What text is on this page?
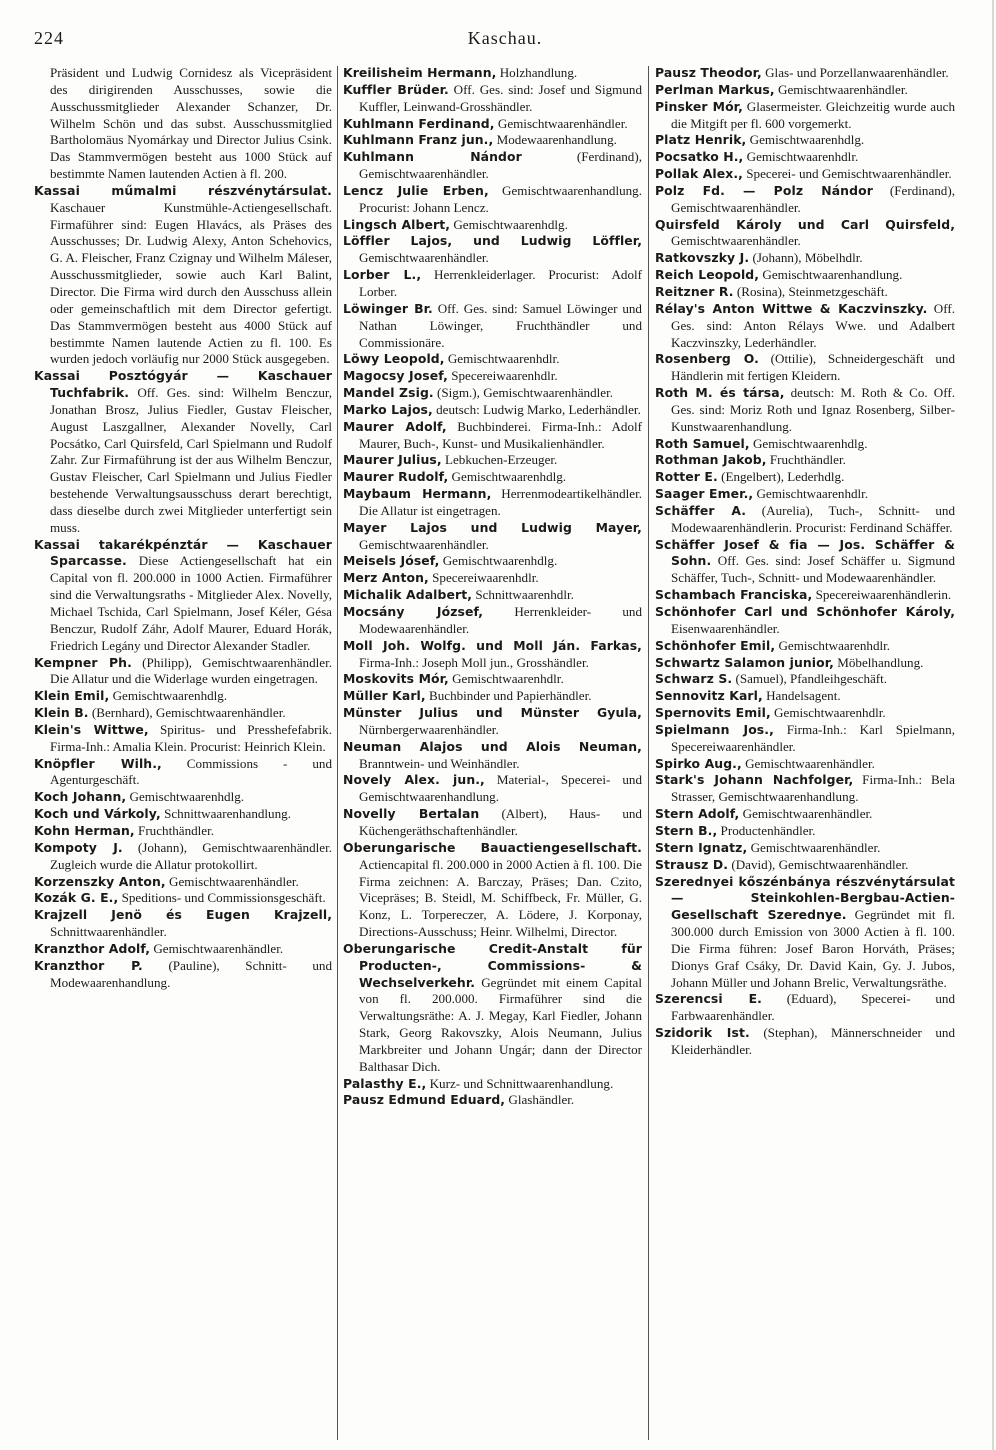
224	Kaschau.
Präsident und Ludwig Cornidesz als Vicepräsident des dirigirenden Ausschusses, sowie die Ausschussmitglieder Alexander Schanzer, Dr. Wilhelm Schön und das subst. Ausschussmitglied Bartholomäus Nyomárkay und Director Julius Csink. Das Stammvermögen besteht aus 1000 Stück auf bestimmte Namen lautenden Actien à fl. 200.
Kassai műmalmi részvénytársulat. Kaschauer Kunstmühle-Actiengesellschaft. Firmaführer sind: Eugen Hlavács, als Präses des Ausschusses; Dr. Ludwig Alexy, Anton Schehovics, G. A. Fleischer, Franz Czignay und Wilhelm Máleser, Ausschussmitglieder, sowie auch Karl Balint, Director. Die Firma wird durch den Ausschuss allein oder gemeinschaftlich mit dem Director gefertigt. Das Stammvermögen besteht aus 4000 Stück auf bestimmte Namen lautende Actien zu fl. 100. Es wurden jedoch vorläufig nur 2000 Stück ausgegeben.
Kassai Posztógyár — Kaschauer Tuchfabrik. Off. Ges. sind: Wilhelm Benczur, Jonathan Brosz, Julius Fiedler, Gustav Fleischer, August Laszgallner, Alexander Novelly, Carl Pocsátko, Carl Quirsfeld, Carl Spielmann und Rudolf Zahr. Zur Firmaführung ist der aus Wilhelm Benczur, Gustav Fleischer, Carl Spielmann und Julius Fiedler bestehende Verwaltungsausschuss derart berechtigt, dass dieselbe durch zwei Mitglieder unterfertigt sein muss.
Kassai takarékpénztár — Kaschauer Sparcasse. Diese Actiengesellschaft hat ein Capital von fl. 200.000 in 1000 Actien. Firmaführer sind die Verwaltungsraths - Mitglieder Alex. Novelly, Michael Tschida, Carl Spielmann, Josef Kéler, Gésa Benczur, Rudolf Záhr, Adolf Maurer, Eduard Horák, Friedrich Legány und Director Alexander Stadler.
Kempner Ph. (Philipp), Gemischtwaarenhändler. Die Allatur und die Widerlage wurden eingetragen.
Klein Emil, Gemischtwaarenhdlg.
Klein B. (Bernhard), Gemischtwaarenhändler.
Klein's Wittwe, Spiritus- und Presshefefabrik. Firma-Inh.: Amalia Klein. Procurist: Heinrich Klein.
Knöpfler Wilh., Commissions - und Agenturgeschäft.
Koch Johann, Gemischtwaarenhdlg.
Koch und Várkoly, Schnittwaarenhandlung.
Kohn Herman, Fruchthändler.
Kompoty J. (Johann), Gemischtwaarenhändler. Zugleich wurde die Allatur protokollirt.
Korzenszky Anton, Gemischtwaarenhändler.
Kozák G. E., Speditions- und Commissionsgeschäft.
Krajzell Jenö és Eugen Krajzell, Schnittwaarenhändler.
Kranzthor Adolf, Gemischtwaarenhändler.
Kranzthor P. (Pauline), Schnitt- und Modewaarenhandlung.
Kreilisheim Hermann, Holzhandlung.
Kuffler Brüder. Off. Ges. sind: Josef und Sigmund Kuffler, Leinwand-Grosshändler.
Kuhlmann Ferdinand, Gemischtwaarenhändler.
Kuhlmann Franz jun., Modewaarenhandlung.
Kuhlmann Nándor	(Ferdinand), Gemischtwaarenhändler.
Lencz Julie Erben, Gemischtwaarenhandlung. Procurist: Johann Lencz.
Lingsch Albert, Gemischtwaarenhdlg.
Löffler Lajos, und Ludwig Löffler, Gemischtwaarenhändler.
Lorber L., Herrenkleiderlager. Procurist: Adolf Lorber.
Löwinger Br. Off. Ges. sind: Samuel Löwinger und Nathan Löwinger, Fruchthändler und Commissionäre.
Löwy Leopold, Gemischtwaarenhdlr.
Magocsy Josef, Specereiwaarenhdlr.
Mandel Zsig. (Sigm.), Gemischtwaarenhändler.
Marko Lajos, deutsch: Ludwig Marko, Lederhändler.
Maurer Adolf, Buchbinderei. Firma-Inh.: Adolf Maurer, Buch-, Kunst- und Musikalienhändler.
Maurer Julius, Lebkuchen-Erzeuger.
Maurer Rudolf, Gemischtwaarenhdlg.
Maybaum Hermann, Herrenmodeartikelhändler. Die Allatur ist eingetragen.
Mayer Lajos und Ludwig Mayer, Gemischtwaarenhändler.
Meisels Jósef, Gemischtwaarenhdlg.
Merz Anton, Specereiwaarenhdlr.
Michalik Adalbert, Schnittwaarenhdlr.
Mocsány József, Herrenkleider- und Modewaarenhändler.
Moll Joh. Wolfg. und Moll Ján. Farkas, Firma-Inh.: Joseph Moll jun., Grosshändler.
Moskovits Mór, Gemischtwaarenhdlr.
Müller Karl, Buchbinder und Papierhändler.
Münster Julius und Münster Gyula, Nürnbergerwaarenhändler.
Neuman Alajos und Alois Neuman, Branntwein- und Weinhändler.
Novely Alex. jun., Material-, Specerei- und Gemischtwaarenhandlung.
Novelly Bertalan (Albert), Haus- und Küchengeräthschaftenhändler.
Oberungarische Bauactiengesellschaft. Actiencapital fl. 200.000 in 2000 Actien à fl. 100. Die Firma zeichnen: A. Barczay, Präses; Dan. Czito, Vicepräses; B. Steidl, M. Schiffbeck, Fr. Müller, G. Konz, L. Torpereczer, A. Lödere, J. Korponay, Directions-Ausschuss; Heinr. Wilhelmi, Director.
Oberungarische Credit-Anstalt für Producten-, Commissions- & Wechselverkehr. Gegründet mit einem Capital von fl. 200.000. Firmaführer sind die Verwaltungsräthe: A. J. Megay, Karl Fiedler, Johann Stark, Georg Rakovszky, Alois Neumann, Julius Markbreiter und Johann Ungár; dann der Director Balthasar Dich.
Palasthy E., Kurz- und Schnittwaarenhandlung.
Pausz Edmund Eduard, Glashändler.
Pausz Theodor, Glas- und Porzellanwaarenhändler.
Perlman Markus, Gemischtwaarenhändler.
Pinsker Mór, Glasermeister. Gleichzeitig wurde auch die Mitgift per fl. 600 vorgemerkt.
Platz Henrik, Gemischtwaarenhdlg.
Pocsatko H., Gemischtwaarenhdlr.
Pollak Alex., Specerei- und Gemischtwaarenhändler.
Polz Fd. — Polz Nándor (Ferdinand), Gemischtwaarenhändler.
Quirsfeld Károly und Carl Quirsfeld, Gemischtwaarenhändler.
Ratkovszky J. (Johann), Möbelhdlr.
Reich Leopold, Gemischtwaarenhandlung.
Reitzner R. (Rosina), Steinmetzgeschäft.
Rélay's Anton Wittwe & Kaczvinszky. Off. Ges. sind: Anton Rélays Wwe. und Adalbert Kaczvinszky, Lederhändler.
Rosenberg O. (Ottilie), Schneidergeschäft und Händlerin mit fertigen Kleidern.
Roth M. és társa, deutsch: M. Roth & Co. Off. Ges. sind: Moriz Roth und Ignaz Rosenberg, Silber-Kunstwaarenhandlung.
Roth Samuel, Gemischtwaarenhdlg.
Rothman Jakob, Fruchthändler.
Rotter E. (Engelbert), Lederhdlg.
Saager Emer., Gemischtwaarenhdlr.
Schäffer A. (Aurelia), Tuch-, Schnitt- und Modewaarenhändlerin. Procurist: Ferdinand Schäffer.
Schäffer Josef & fia — Jos. Schäffer & Sohn. Off. Ges. sind: Josef Schäffer u. Sigmund Schäffer, Tuch-, Schnitt- und Modewaarenhändler.
Schambach Franciska, Specereiwaarenhändlerin.
Schönhofer Carl und Schönhofer Károly, Eisenwaarenhändler.
Schönhofer Emil, Gemischtwaarenhdlr.
Schwartz Salamon junior, Möbelhandlung.
Schwarz S. (Samuel), Pfandleihgeschäft.
Sennovitz Karl, Handelsagent.
Spernovits Emil, Gemischtwaarenhdlr.
Spielmann Jos., Firma-Inh.: Karl Spielmann, Specereiwaarenhändler.
Spirko Aug., Gemischtwaarenhändler.
Stark's Johann Nachfolger, Firma-Inh.: Bela Strasser, Gemischtwaarenhandlung.
Stern Adolf, Gemischtwaarenhändler.
Stern B., Productenhändler.
Stern Ignatz, Gemischtwaarenhändler.
Strausz D. (David), Gemischtwaarenhändler.
Szerednyei kőszénbánya részvénytársulat — Steinkohlen-Bergbau-Actien-Gesellschaft Szerednye. Gegründet mit fl. 300.000 durch Emission von 3000 Actien à fl. 100. Die Firma führen: Josef Baron Horváth, Präses; Dionys Graf Csáky, Dr. David Kain, Gy. J. Jubos, Johann Müller und Johann Brelic, Verwaltungsräthe.
Szerencsi E. (Eduard), Specerei- und Farbwaarenhändler.
Szidorik Ist. (Stephan), Männerschneider und Kleiderhändler.
